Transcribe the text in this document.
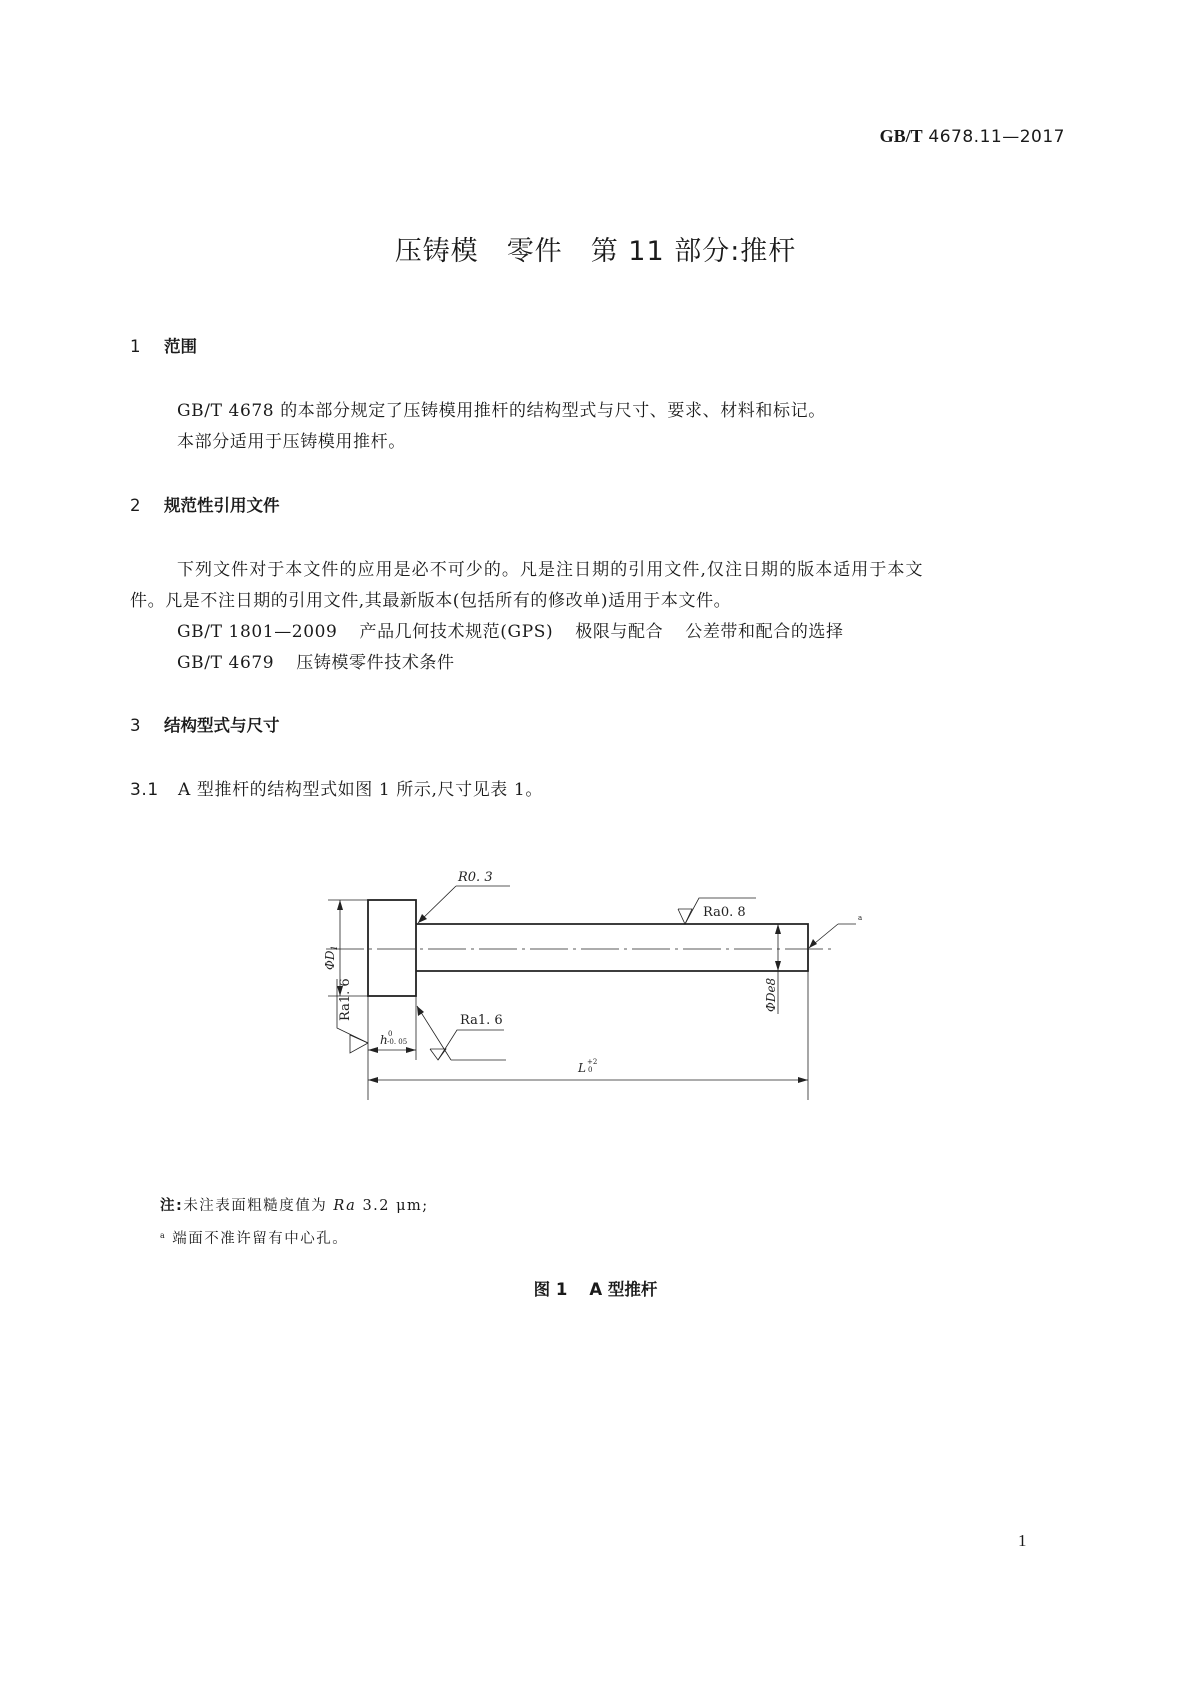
GB/T 4678.11—2017
压铸模 零件 第 11 部分:推杆
1 范围
GB/T 4678 的本部分规定了压铸模用推杆的结构型式与尺寸、要求、材料和标记。
本部分适用于压铸模用推杆。
2 规范性引用文件
下列文件对于本文件的应用是必不可少的。凡是注日期的引用文件,仅注日期的版本适用于本文
件。凡是不注日期的引用文件,其最新版本(包括所有的修改单)适用于本文件。
GB/T 1801—2009 产品几何技术规范(GPS) 极限与配合 公差带和配合的选择
GB/T 4679 压铸模零件技术条件
3 结构型式与尺寸
3.1 A 型推杆的结构型式如图 1 所示,尺寸见表 1。
R0. 3
Ra0. 8	a
Ra1. 6
Ra1. 6
$\Phi D_1$
ΦDe8
h 0
-0. 05
L +2
0
注:未注表面粗糙度值为 Ra 3.2 μm;
$^a$ 端面不准许留有中心孔。
图 1 A 型推杆
1
